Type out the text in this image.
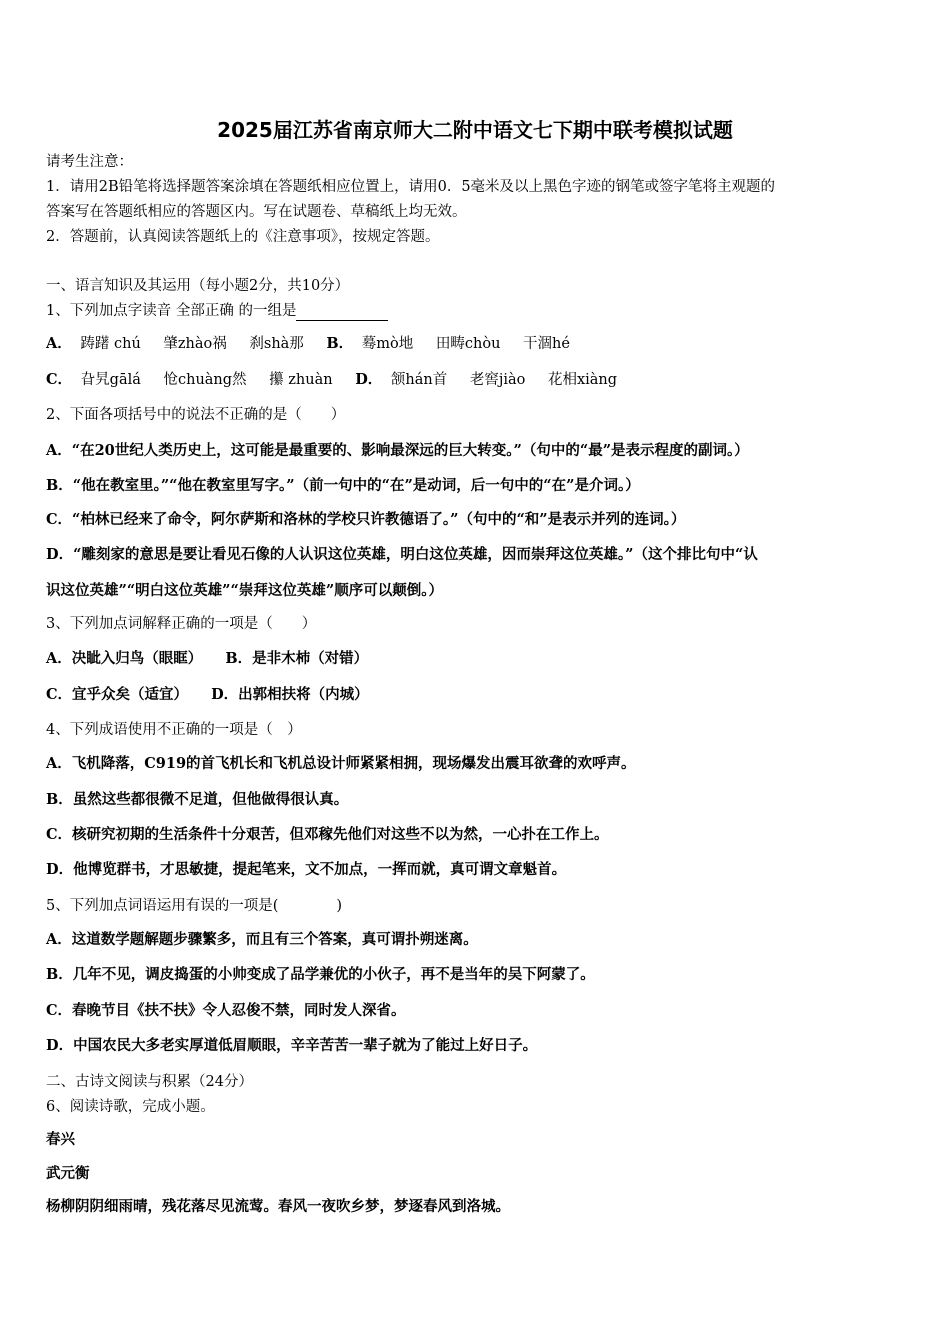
2025届江苏省南京师大二附中语文七下期中联考模拟试题
请考生注意：
1．请用2B铅笔将选择题答案涂填在答题纸相应位置上，请用0．5毫米及以上黑色字迹的钢笔或签字笔将主观题的
答案写在答题纸相应的答题区内。写在试题卷、草稿纸上均无效。
2．答题前，认真阅读答题纸上的《注意事项》，按规定答题。
一、语言知识及其运用（每小题2分，共10分）
1、下列加点字读音 全部正确 的一组是
A． 踌躇 chú 肇zhào祸 刹shà那 B． 蓦mò地 田畴chòu 干涸hé
C． 旮旯gālá 怆chuàng然 攥 zhuàn D． 颔hán首 老窖jiào 花相xiàng
2、下面各项括号中的说法不正确的是（　　）
A．“在20世纪人类历史上，这可能是最重要的、影响最深远的巨大转变。”（句中的“最”是表示程度的副词。）
B．“他在教室里。”“他在教室里写字。”（前一句中的“在”是动词，后一句中的“在”是介词。）
C．“柏林已经来了命令，阿尔萨斯和洛林的学校只许教德语了。”（句中的“和”是表示并列的连词。）
D．“雕刻家的意思是要让看见石像的人认识这位英雄，明白这位英雄，因而崇拜这位英雄。”（这个排比句中“认
识这位英雄”“明白这位英雄”“崇拜这位英雄”顺序可以颠倒。）
3、下列加点词解释正确的一项是（　　）
A．决眦入归鸟（眼眶） B．是非木杮（对错）
C．宜乎众矣（适宜） D．出郭相扶将（内城）
4、下列成语使用不正确的一项是（　）
A．飞机降落，C919的首飞机长和飞机总设计师紧紧相拥，现场爆发出震耳欲聋的欢呼声。
B．虽然这些都很微不足道，但他做得很认真。
C．核研究初期的生活条件十分艰苦，但邓稼先他们对这些不以为然，一心扑在工作上。
D．他博览群书，才思敏捷，提起笔来，文不加点，一挥而就，真可谓文章魁首。
5、下列加点词语运用有误的一项是(　　　　)
A．这道数学题解题步骤繁多，而且有三个答案，真可谓扑朔迷离。
B．几年不见，调皮捣蛋的小帅变成了品学兼优的小伙子，再不是当年的吴下阿蒙了。
C．春晚节目《扶不扶》令人忍俊不禁，同时发人深省。
D．中国农民大多老实厚道低眉顺眼，辛辛苦苦一辈子就为了能过上好日子。
二、古诗文阅读与积累（24分）
6、阅读诗歌，完成小题。
春兴
武元衡
杨柳阴阴细雨晴，残花落尽见流莺。春风一夜吹乡梦，梦逐春风到洛城。
